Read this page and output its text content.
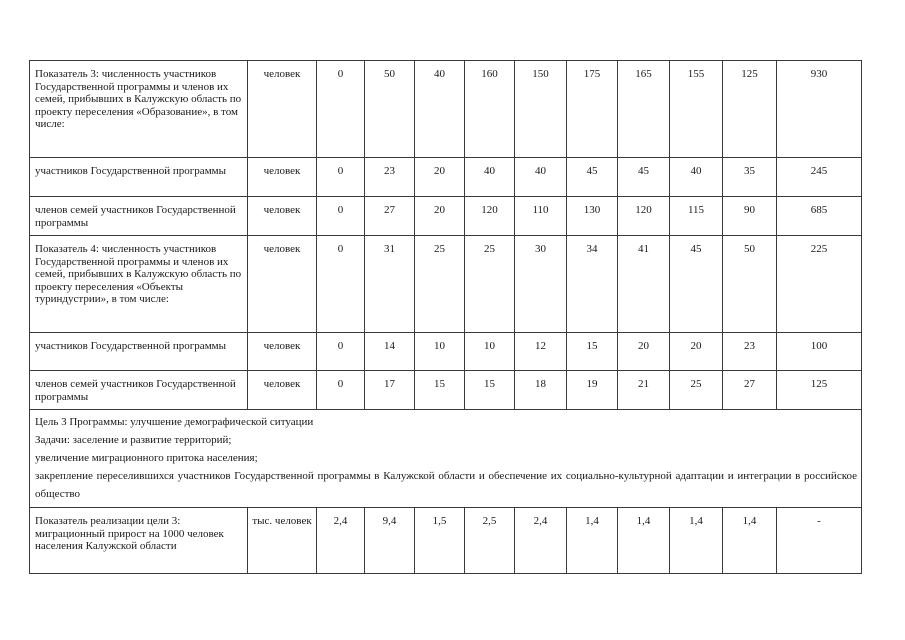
Показатель 3: численность участников Государственной программы и членов их семей, прибывших в Калужскую область по проекту переселения «Образование», в том числе:	человек	0	50	40	160	150	175	165	155	125	930
участников Государственной программы	человек	0	23	20	40	40	45	45	40	35	245
членов семей участников Государственной программы	человек	0	27	20	120	110	130	120	115	90	685
Показатель 4: численность участников Государственной программы и членов их семей, прибывших в Калужскую область по проекту переселения «Объекты туриндустрии», в том числе:	человек	0	31	25	25	30	34	41	45	50	225
участников Государственной программы	человек	0	14	10	10	12	15	20	20	23	100
членов семей участников Государственной программы	человек	0	17	15	15	18	19	21	25	27	125

Цель 3 Программы: улучшение демографической ситуации
Задачи: заселение и развитие территорий;
увеличение миграционного притока населения;
закрепление переселившихся участников Государственной программы в Калужской области и обеспечение их социально-культурной адаптации и интеграции в российское общество											

Показатель реализации цели 3: миграционный прирост на 1000 человек населения Калужской области	тыс. человек	2,4	9,4	1,5	2,5	2,4	1,4	1,4	1,4	1,4	-
